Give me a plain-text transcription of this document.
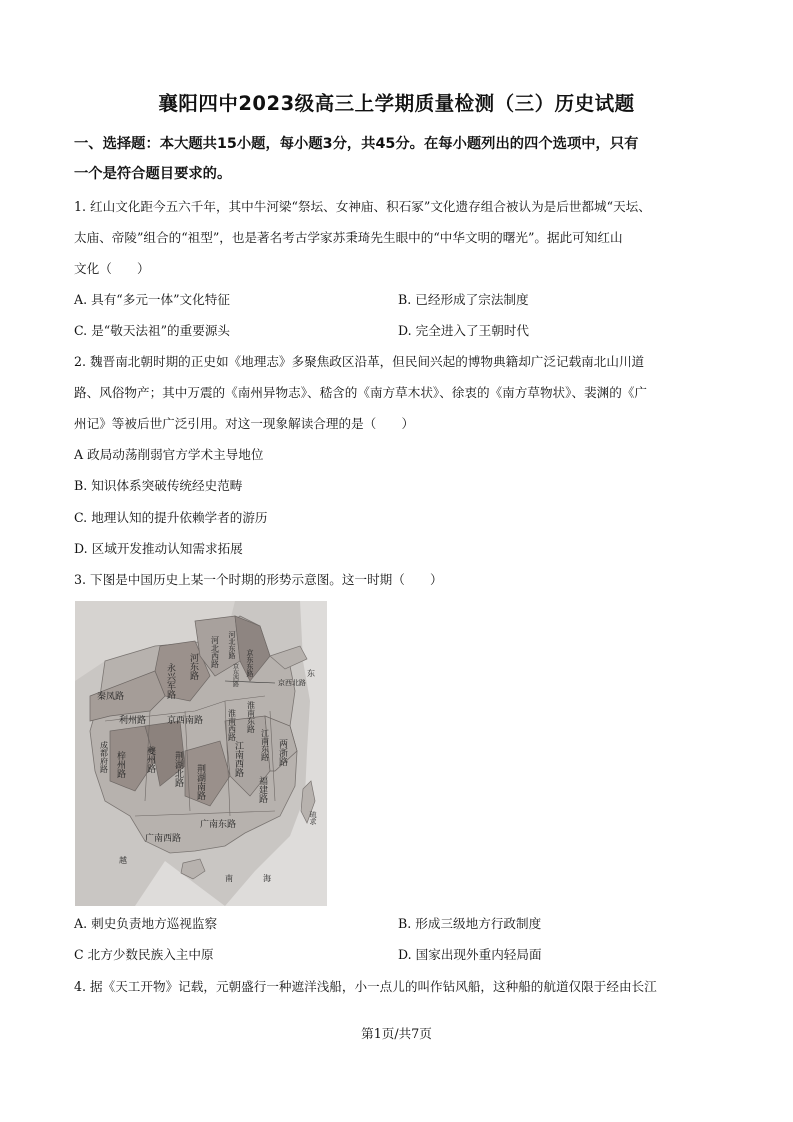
襄阳四中2023级高三上学期质量检测（三）历史试题
一、选择题：本大题共15小题，每小题3分，共45分。在每小题列出的四个选项中，只有
一个是符合题目要求的。
1. 红山文化距今五六千年，其中牛河梁“祭坛、女神庙、积石冢”文化遗存组合被认为是后世都城“天坛、
太庙、帝陵”组合的“祖型”，也是著名考古学家苏秉琦先生眼中的“中华文明的曙光”。据此可知红山
文化（　　）
A. 具有“多元一体”文化特征	B. 已经形成了宗法制度
C. 是“敬天法祖”的重要源头	D. 完全进入了王朝时代
2. 魏晋南北朝时期的正史如《地理志》多聚焦政区沿革，但民间兴起的博物典籍却广泛记载南北山川道
路、风俗物产；其中万震的《南州异物志》、嵇含的《南方草木状》、徐衷的《南方草物状》、裴渊的《广
州记》等被后世广泛引用。对这一现象解读合理的是（　　）
A 政局动荡削弱官方学术主导地位
B. 知识体系突破传统经史范畴
C. 地理认知的提升依赖学者的游历
D. 区域开发推动认知需求拓展
3. 下图是中国历史上某一个时期的形势示意图。这一时期（　　）
河东路 河北西路 河北东路
京东东路
京东西路	京西北路
永兴军路
秦凤路
利州路 京西南路
成都府路 梓州路 夔州路 荆湖北路 荆湖南路
淮南西路 淮南东路
江南东路 两浙路
江南西路
福建路
广南东路
广南西路
琉求
越
南	海
东
A. 刺史负责地方巡视监察	B. 形成三级地方行政制度
C 北方少数民族入主中原	D. 国家出现外重内轻局面
4. 据《天工开物》记载，元朝盛行一种遮洋浅船，小一点儿的叫作钻风船，这种船的航道仅限于经由长江
第1页/共7页
